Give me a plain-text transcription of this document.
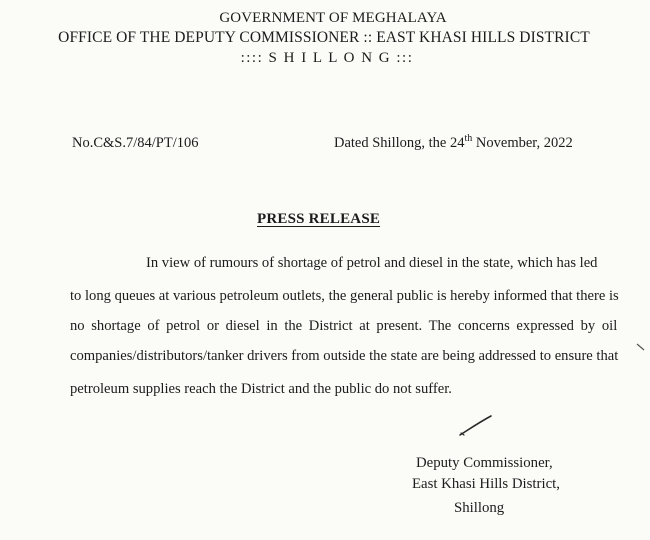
GOVERNMENT OF MEGHALAYA
OFFICE OF THE DEPUTY COMMISSIONER :: EAST KHASI HILLS DISTRICT
:::: S H I L L O N G :::
No.C&S.7/84/PT/106	Dated Shillong, the 24th November, 2022
PRESS RELEASE
In view of rumours of shortage of petrol and diesel in the state, which has led
to long queues at various petroleum outlets, the general public is hereby informed that there is
no shortage of petrol or diesel in the District at present. The concerns expressed by oil
companies/distributors/tanker drivers from outside the state are being addressed to ensure that
petroleum supplies reach the District and the public do not suffer.
Deputy Commissioner,
East Khasi Hills District,
Shillong
